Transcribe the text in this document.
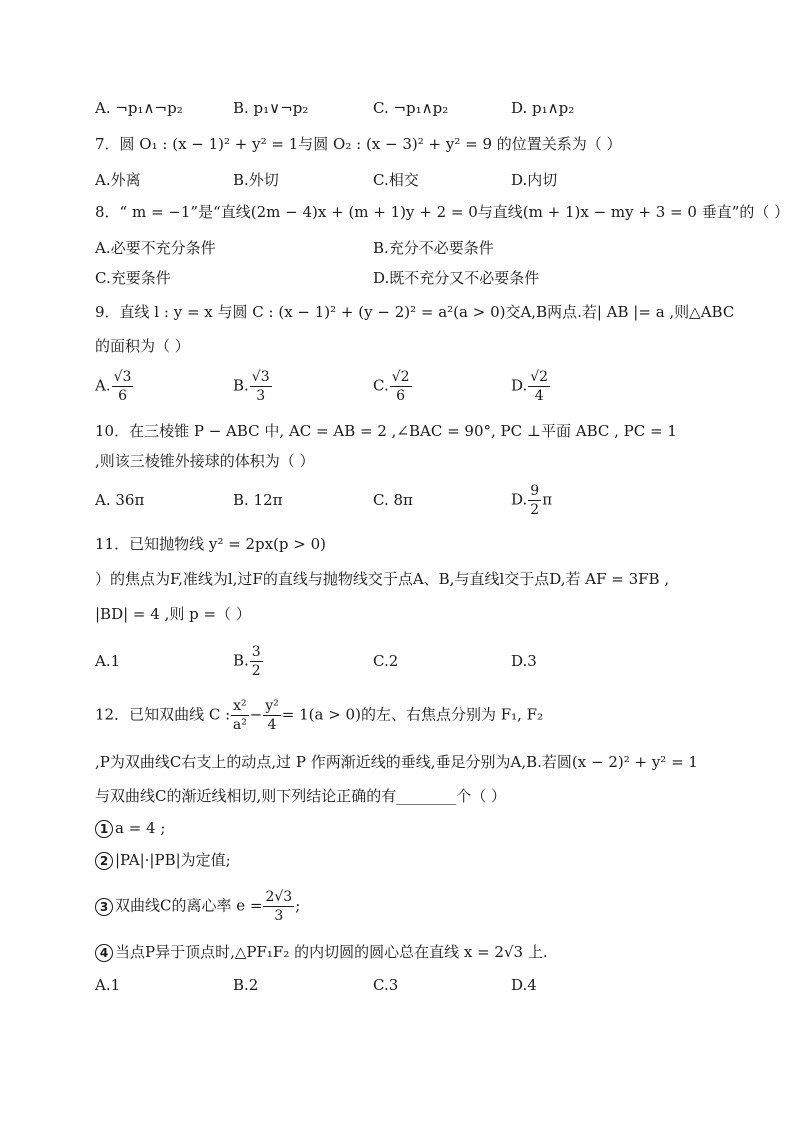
A. ¬p₁∧¬p₂	B. p₁∨¬p₂	C. ¬p₁∧p₂	D. p₁∧p₂
7．圆 O₁ : (x − 1)² + y² = 1与圆 O₂ : (x − 3)² + y² = 9 的位置关系为（ ）
A.外离	B.外切	C.相交	D.内切
8．“ m = −1”是“直线(2m − 4)x + (m + 1)y + 2 = 0与直线(m + 1)x − my + 3 = 0 垂直”的（ ）
A.必要不充分条件	B.充分不必要条件
C.充要条件	D.既不充分又不必要条件
9．直线 l : y = x 与圆 C : (x − 1)² + (y − 2)² = a²(a > 0)交A,B两点.若| AB |= a ,则△ABC
的面积为（ ）
A. $\frac{√3}{6}$	B. $\frac{√3}{3}$	C. $\frac{√2}{6}$	D. $\frac{√2}{4}$
10．在三棱锥 P − ABC 中, AC = AB = 2 ,∠BAC = 90°, PC ⊥平面 ABC , PC = 1
,则该三棱锥外接球的体积为（ ）
A. 36π	B. 12π	C. 8π	D. $\frac{9}{2}$ π
11．已知抛物线 y² = 2px(p > 0)
）的焦点为F,准线为l,过F的直线与抛物线交于点A、B,与直线l交于点D,若 AF = 3FB ,
|BD| = 4 ,则 p =（ ）
A.1	B. $\frac{3}{2}$	C.2	D.3
12．已知双曲线 C : $\frac{\text{x²}}{\text{a²}} - \frac{\text{y²}}{4} = 1(a > 0)$的左、右焦点分别为 F₁, F₂
,P为双曲线C右支上的动点,过 P 作两渐近线的垂线,垂足分别为A,B.若圆(x − 2)² + y² = 1
与双曲线C的渐近线相切,则下列结论正确的有________个（ ）
1 a = 4 ;
2 |PA|·|PB|为定值;
3 双曲线C的离心率 $e = \frac{2√3}{3}$ ;
4 当点P异于顶点时,△PF₁F₂ 的内切圆的圆心总在直线 x = 2√3 上.
A.1	B.2	C.3	D.4
